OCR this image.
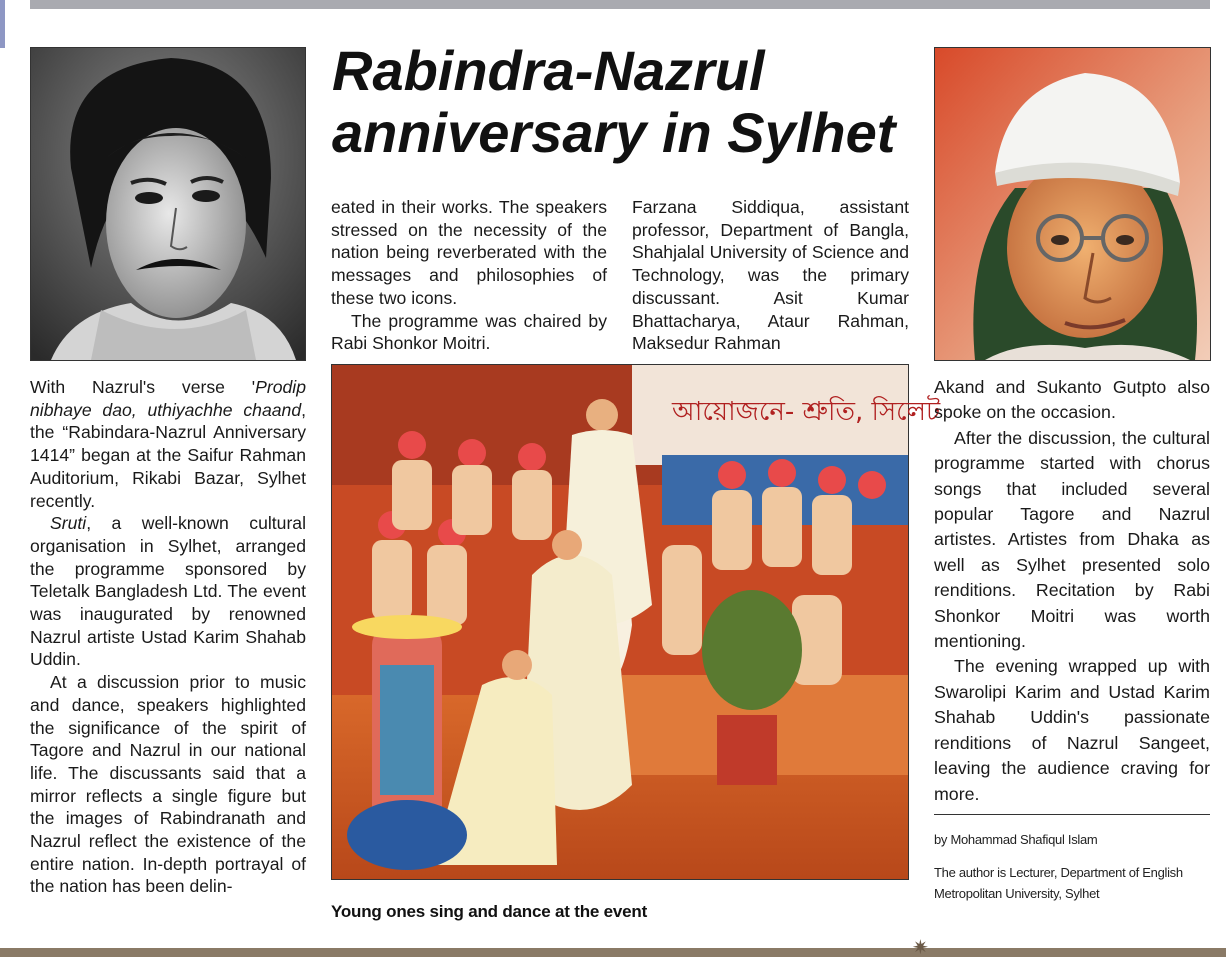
Rabindra-Nazrul anniversary in Sylhet
আয়োজনে- শ্রুতি, সিলেট
Young ones sing and dance at the event

With Nazrul's verse 'Prodip nibhaye dao, uthiyachhe chaand, the “Rabindara-Nazrul Anniversary 1414” began at the Saifur Rahman Auditorium, Rikabi Bazar, Sylhet recently.

Sruti, a well-known cultural organisation in Sylhet, arranged the programme sponsored by Teletalk Bangladesh Ltd. The event was inaugurated by renowned Nazrul artiste Ustad Karim Shahab Uddin.

At a discussion prior to music and dance, speakers highlighted the significance of the spirit of Tagore and Nazrul in our national life. The discussants said that a mirror reflects a single figure but the images of Rabindranath and Nazrul reflect the existence of the entire nation. In-depth portrayal of the nation has been delin-

eated in their works. The speakers stressed on the necessity of the nation being reverberated with the messages and philosophies of these two icons.

The programme was chaired by Rabi Shonkor Moitri.

Farzana Siddiqua, assistant professor, Department of Bangla, Shahjalal University of Science and Technology, was the primary discussant. Asit Kumar Bhattacharya, Ataur Rahman, Maksedur Rahman

Akand and Sukanto Gutpto also spoke on the occasion.

After the discussion, the cultural programme started with chorus songs that included several popular Tagore and Nazrul artistes. Artistes from Dhaka as well as Sylhet presented solo renditions. Recitation by Rabi Shonkor Moitri was worth mentioning.

The evening wrapped up with Swarolipi Karim and Ustad Karim Shahab Uddin's passionate renditions of Nazrul Sangeet, leaving the audience craving for more.

by Mohammad Shafiqul Islam
The author is Lecturer, Department of English Metropolitan University, Sylhet
✷
